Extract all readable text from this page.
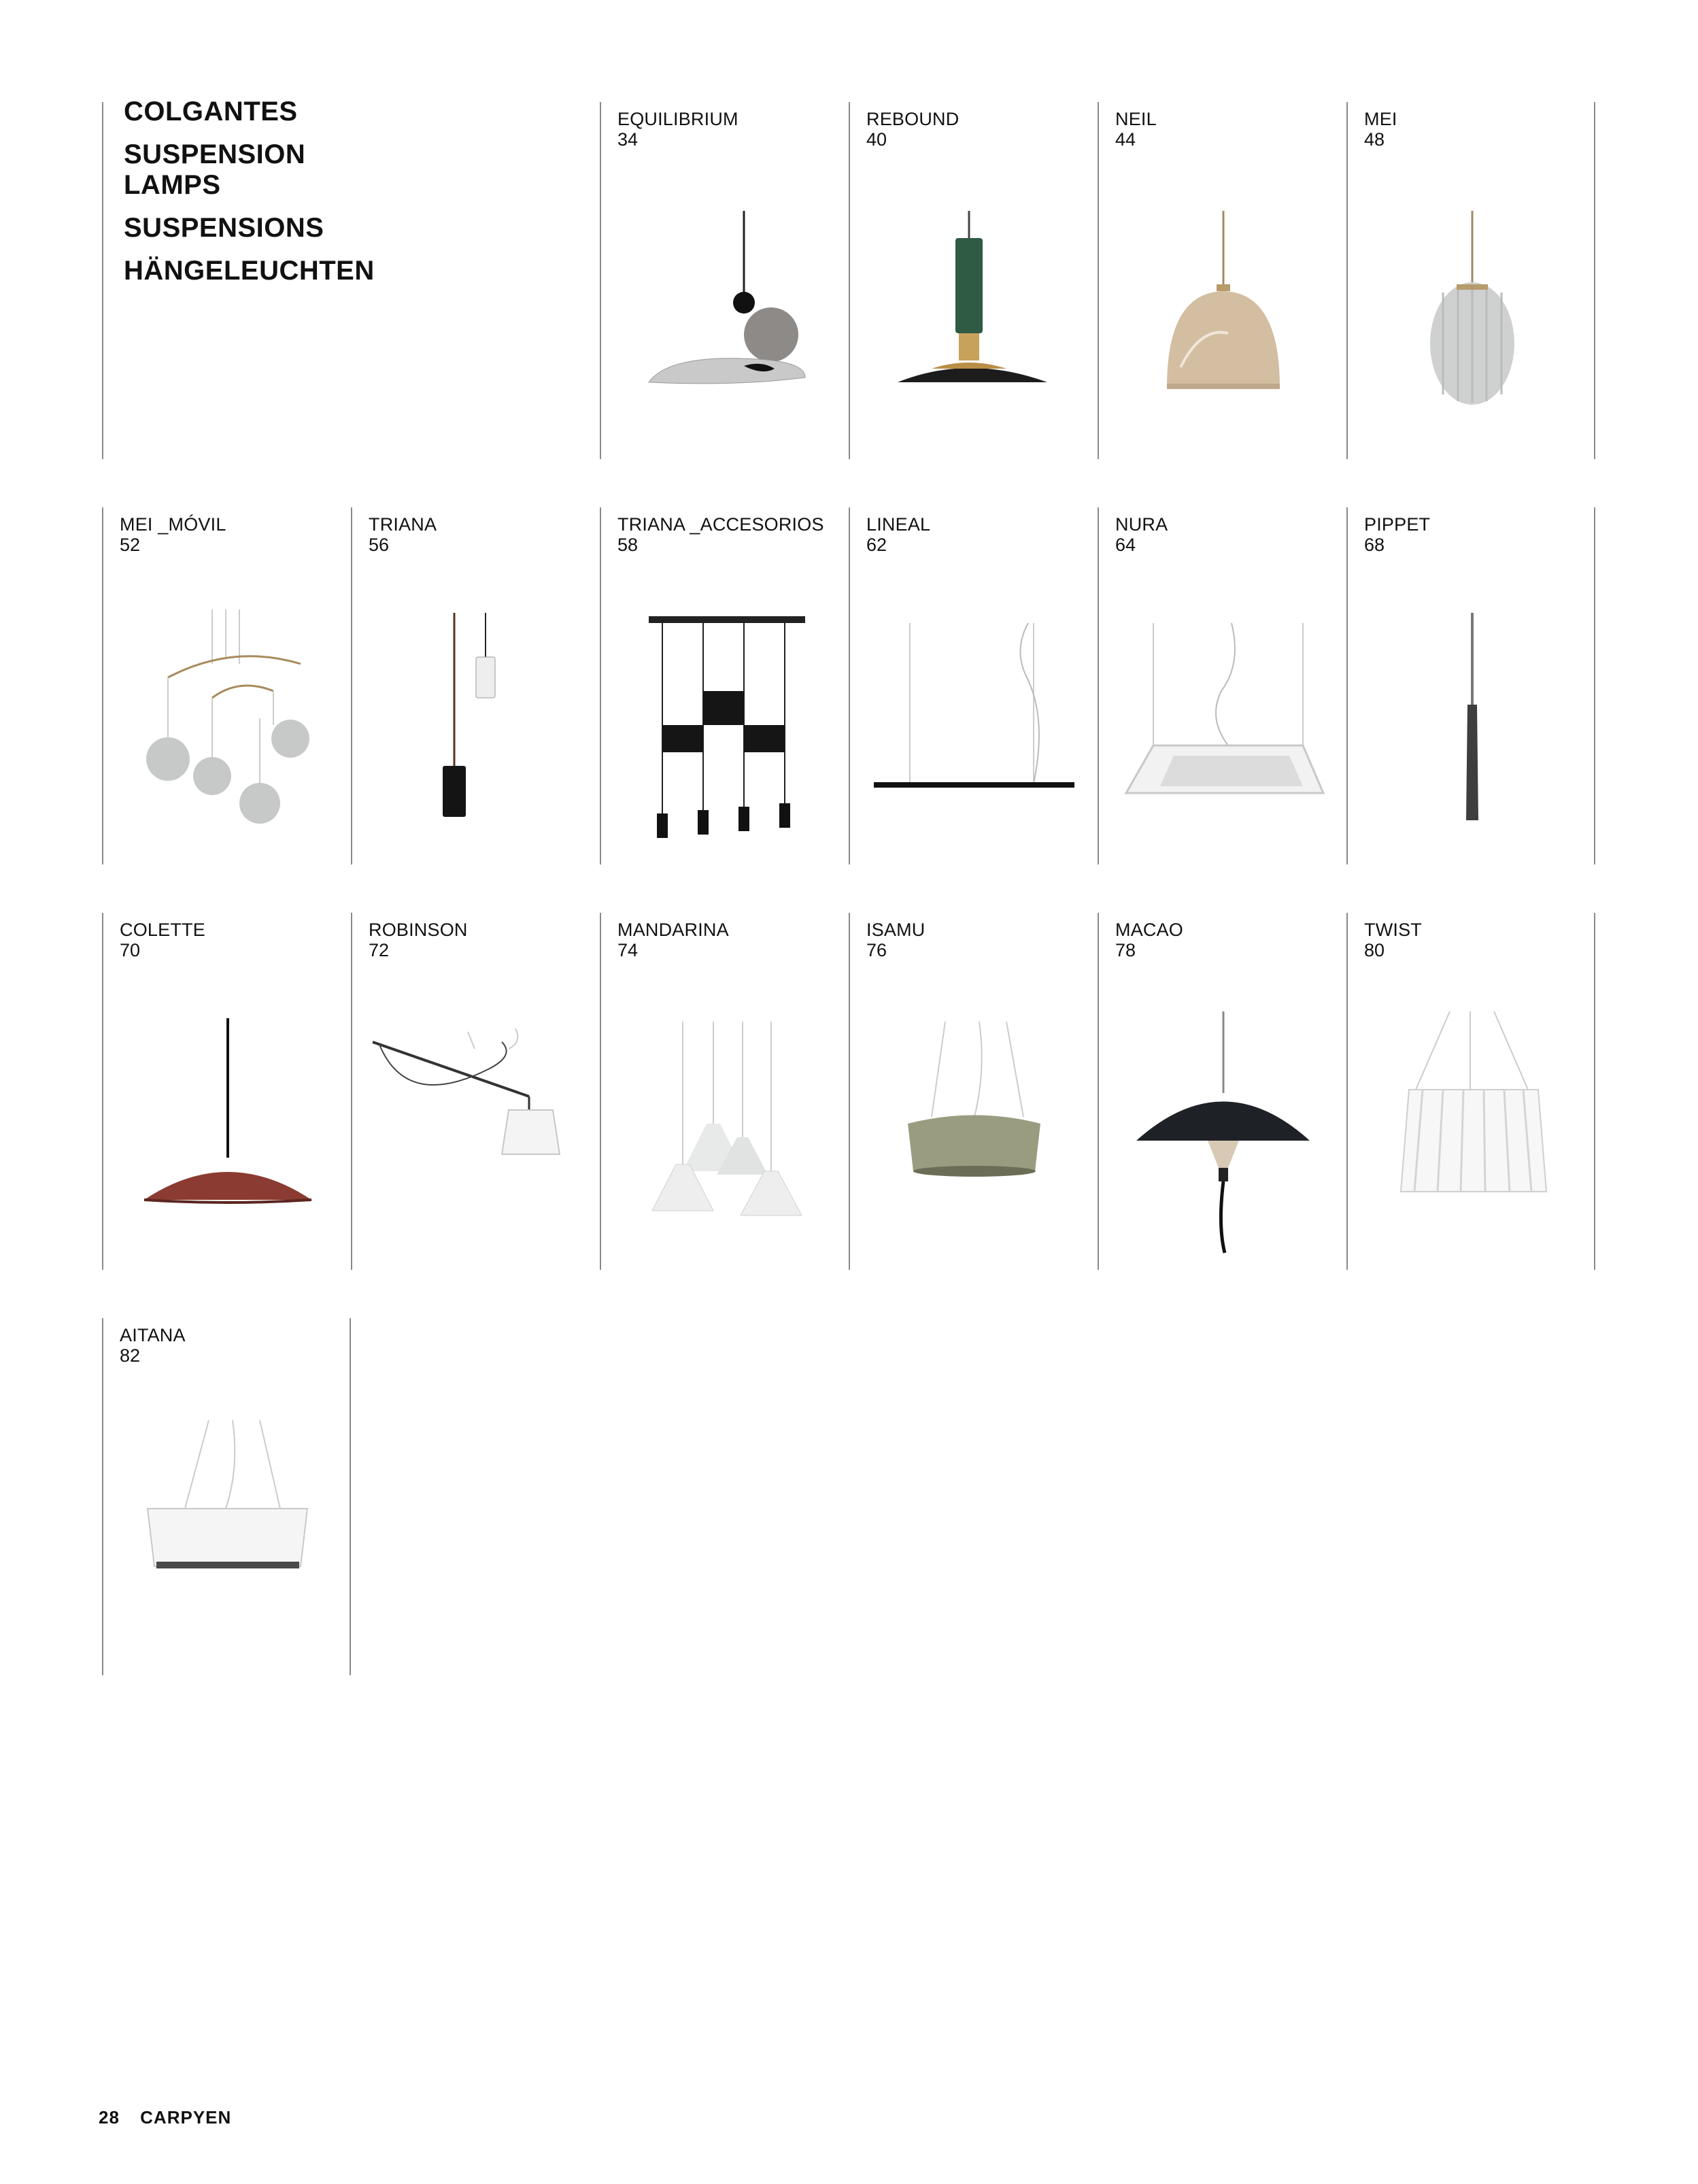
COLGANTES
SUSPENSION
LAMPS
SUSPENSIONS
HÄNGELEUCHTEN
EQUILIBRIUM
34
REBOUND
40
NEIL
44
MEI
48
MEI _MÓVIL
52
TRIANA
56
TRIANA _ACCESORIOS
58
LINEAL
62
NURA
64
PIPPET
68
COLETTE
70
ROBINSON
72
MANDARINA
74
ISAMU
76
MACAO
78
TWIST
80
AITANA
82
28 CARPYEN
